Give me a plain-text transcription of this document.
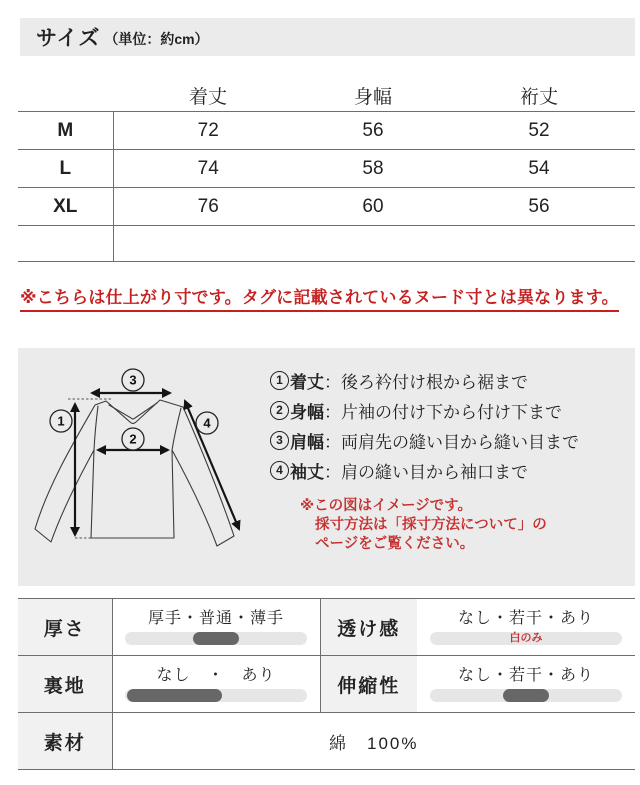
サイズ （単位：約cm）
	着丈	身幅	裄丈
M	72	56	52
L	74	58	54
XL	76	60	56

※こちらは仕上がり寸です。タグに記載されているヌード寸とは異なります。
3
1
2
4
1 着丈 ：後ろ衿付け根から裾まで
2 身幅 ：片袖の付け下から付け下まで
3 肩幅 ：両肩先の縫い目から縫い目まで
4 袖丈 ：肩の縫い目から袖口まで
※この図はイメージです。
採寸方法は「採寸方法について」の
ページをご覧ください。
厚さ	厚手・普通・薄手	透け感	なし・若干・あり
白のみ

裏地	なし　・　あり	伸縮性	なし・若干・あり

素材	綿　100%		
